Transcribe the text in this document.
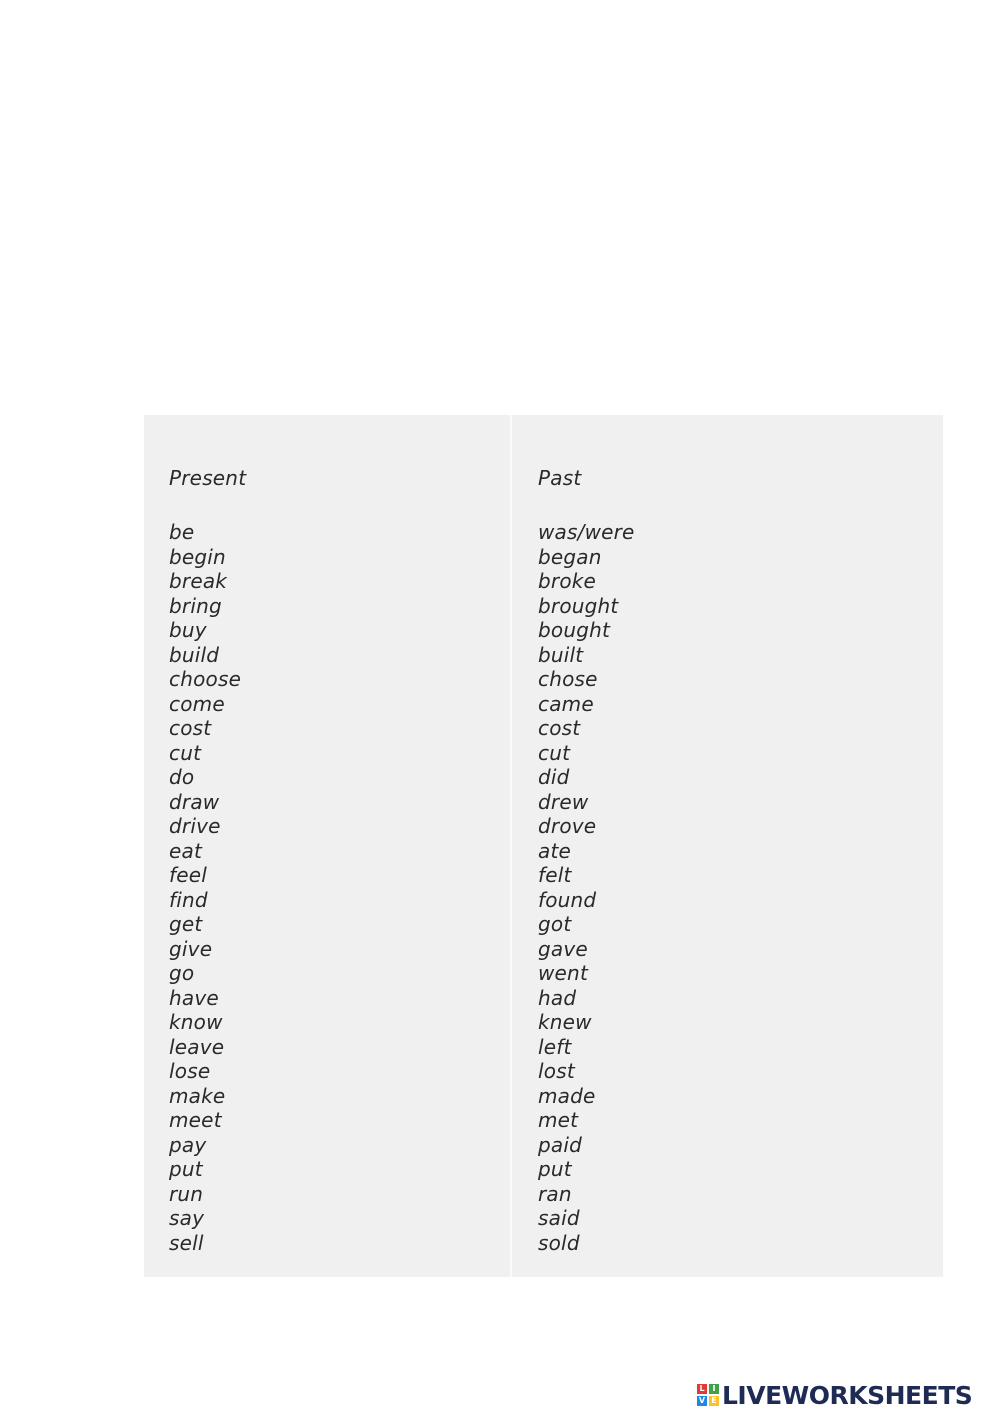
Present
be
begin
break
bring
buy
build
choose
come
cost
cut
do
draw
drive
eat
feel
find
get
give
go
have
know
leave
lose
make
meet
pay
put
run
say
sell
Past
was/were
began
broke
brought
bought
built
chose
came
cost
cut
did
drew
drove
ate
felt
found
got
gave
went
had
knew
left
lost
made
met
paid
put
ran
said
sold
L I
V E LIVEWORKSHEETS
